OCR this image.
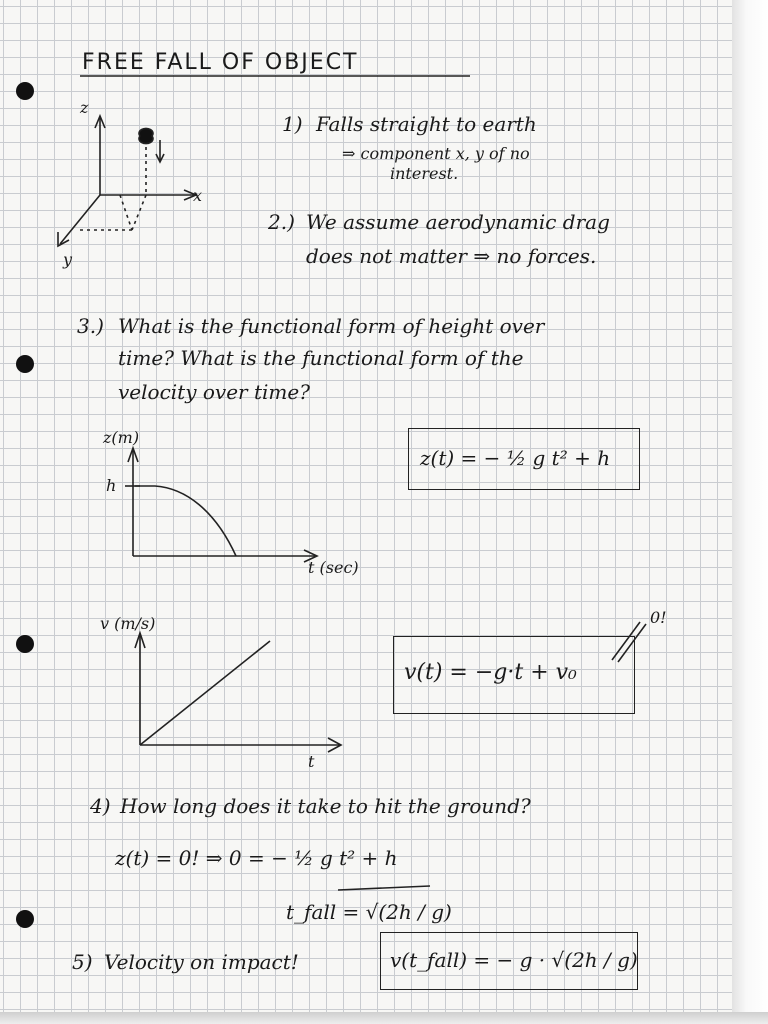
FREE FALL OF OBJECT
z
x
y
1) Falls straight to earth
⇒ component x, y of no
interest.
2.) We assume aerodynamic drag
does not matter ⇒ no forces.
3.) What is the functional form of height over
time? What is the functional form of the
velocity over time?
z(m)
h
t (sec)
z(t) = − ½ g t² + h
v (m/s)
t
v(t) = −g·t + v₀
0!
4) How long does it take to hit the ground?
z(t) = 0! ⇒ 0 = − ½ g t² + h
t_fall = √(2h / g)
5) Velocity on impact!	v(t_fall) = − g · √(2h / g)
